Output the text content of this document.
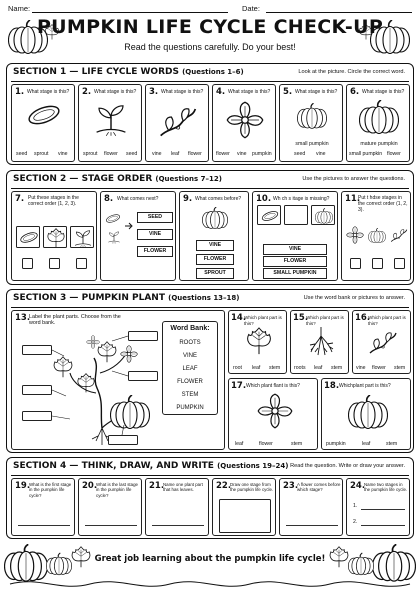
Name:	Date:
PUMPKIN LIFE CYCLE CHECK-UP
Read the questions carefully. Do your best!
SECTION 1 — LIFE CYCLE WORDS (Questions 1–6)	Look at the picture. Circle the correct word.
1. What stage is this?
seed sprout vine
2. What stage is this?
sprout flower seed
3. What stage is this?
vine leaf flower
4. What stage is this?
flower vine pumpkin
5. What stage is this?
small pumpkin
seed vine
6. What stage is this?
mature pumpkin
small pumpkin flower
SECTION 2 — STAGE ORDER (Questions 7–12)	Use the pictures to answer the questions.
7. Put these stages in the correct order (1, 2, 3).	8. What comes next?
SEED
VINE
FLOWER
9. What comes before?
VINE
FLOWER
SPROUT
10. Wh ch s itage is missing?
VINE
FLOWER
SMALL PUMPKIN
11.
Put t hdse stages in the correct order (1, 2, 3).
SECTION 3 — PUMPKIN PLANT (Questions 13–18)	Use the word bank or pictures to answer.
13.
Label the plant parts. Choose from the word bank.
Word Bank:
ROOTS
VINE
LEAF
FLOWER
STEM
PUMPKIN
14.
Which plant part is this?
root leaf stem
15.
Which plant part is this?
roots leaf stem
16.
Which plant part is this?
vine flower stem
17. Which plant flant is this?
leaf	flower	stem
18. Whichplant part is this?
pumpkin	leaf	stem
SECTION 4 — THINK, DRAW, AND WRITE (Questions 19–24) Read the question. Write or draw your answer.
19.
What is the first stage in the pumpkin life cycle?
20.
What is the last stage in the pumpkin life cycle?
21.
Name one plant part that has leaves.	22.
Draw one stage from the pumpkin life cycle. 23.
A flower comes before which stage?	24.
Name two stages in the pumpkin life cycle.
1.
2.
Great job learning about the pumpkin life cycle!
